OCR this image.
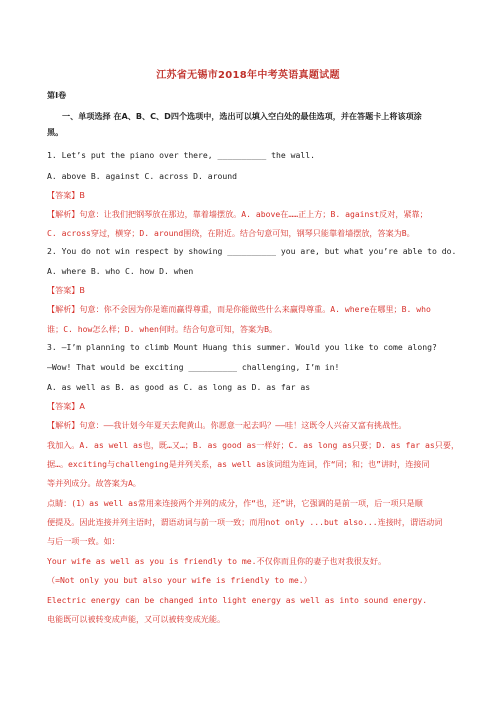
江苏省无锡市2018年中考英语真题试题
第Ⅰ卷
一、单项选择 在A、B、C、D四个选项中，选出可以填入空白处的最佳选项，并在答题卡上将该项涂
黑。
1. Let’s put the piano over there, __________ the wall.
A. above B. against C. across D. around
【答案】B
【解析】句意：让我们把钢琴放在那边，靠着墙摆放。A. above在……正上方；B. against反对，紧靠；
C. across穿过，横穿；D. around围绕，在附近。结合句意可知，钢琴只能靠着墙摆放，答案为B。
2. You do not win respect by showing __________ you are, but what you’re able to do.
A. where B. who C. how D. when
【答案】B
【解析】句意：你不会因为你是谁而赢得尊重，而是你能做些什么来赢得尊重。A. where在哪里；B. who
谁；C. how怎么样；D. when何时。结合句意可知，答案为B。
3. —I’m planning to climb Mount Huang this summer. Would you like to come along?
—Wow! That would be exciting __________ challenging, I’m in!
A. as well as B. as good as C. as long as D. as far as
【答案】A
【解析】句意：——我计划今年夏天去爬黄山。你愿意一起去吗？——哇！这既令人兴奋又富有挑战性。
我加入。A. as well as也，既…又…；B. as good as一样好；C. as long as只要；D. as far as只要，
据…。exciting与challenging是并列关系，as well as该词组为连词，作“同；和；也”讲时，连接同
等并列成分。故答案为A。
点睛：(1）as well as常用来连接两个并列的成分，作“也，还”讲，它强调的是前一项，后一项只是顺
便提及。因此连接并列主语时，谓语动词与前一项一致；而用not only ...but also...连接时，谓语动词
与后一项一致。如：
Your wife as well as you is friendly to me.不仅你而且你的妻子也对我很友好。
（=Not only you but also your wife is friendly to me.）
Electric energy can be changed into light energy as well as into sound energy.
电能既可以被转变成声能，又可以被转变成光能。
